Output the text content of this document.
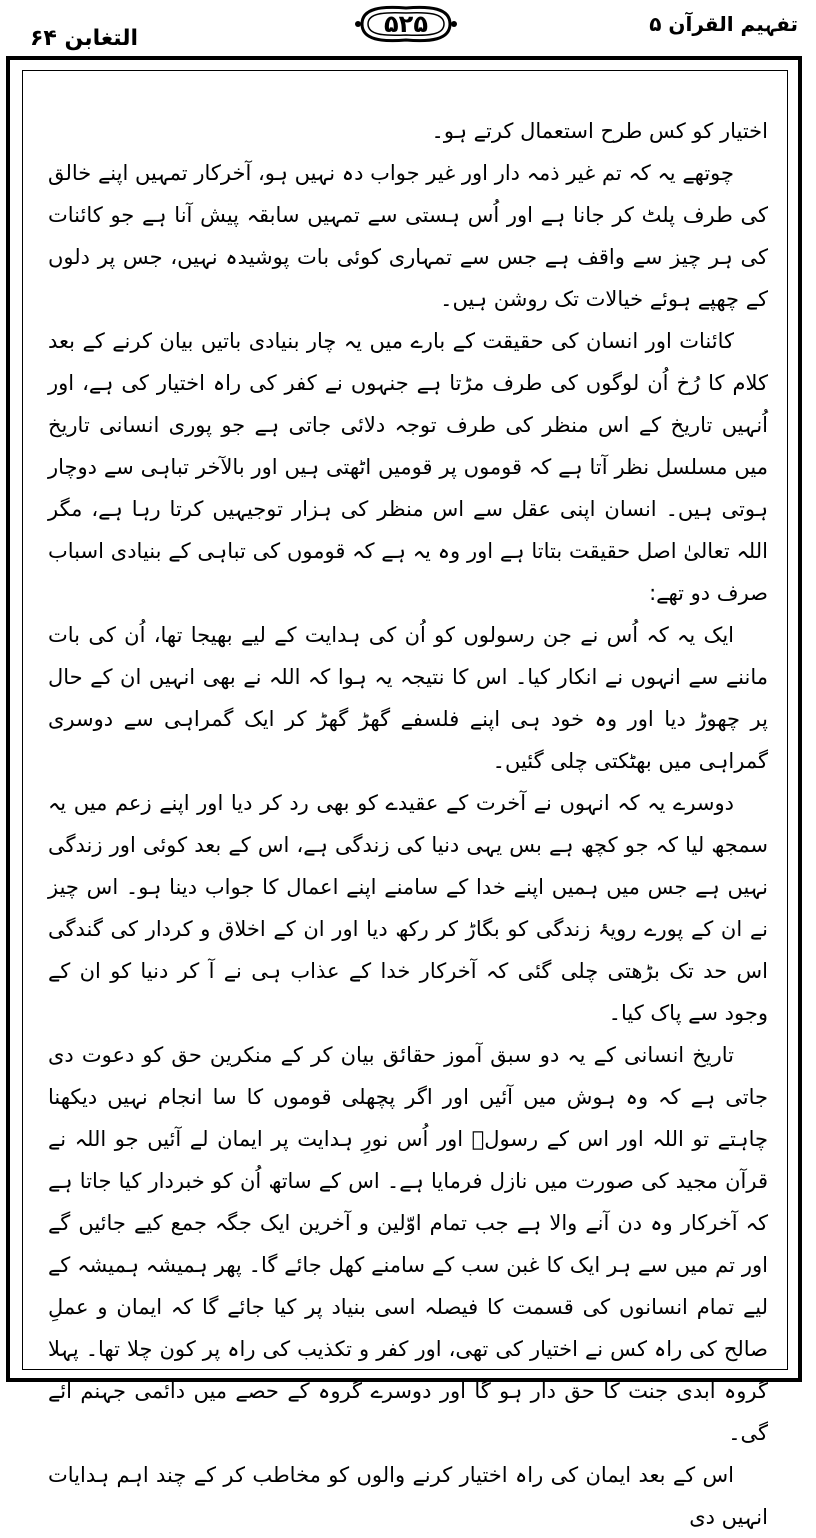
تفہیم القرآن ۵
۵۲۵
التغابن ۶۴

اختیار کو کس طرح استعمال کرتے ہو۔

چوتھے یہ کہ تم غیر ذمہ دار اور غیر جواب دہ نہیں ہو، آخرکار تمہیں اپنے خالق کی طرف پلٹ کر جانا ہے اور اُس ہستی سے تمہیں سابقہ پیش آنا ہے جو کائنات کی ہر چیز سے واقف ہے جس سے تمہاری کوئی بات پوشیدہ نہیں، جس پر دلوں کے چھپے ہوئے خیالات تک روشن ہیں۔

کائنات اور انسان کی حقیقت کے بارے میں یہ چار بنیادی باتیں بیان کرنے کے بعد کلام کا رُخ اُن لوگوں کی طرف مڑتا ہے جنہوں نے کفر کی راہ اختیار کی ہے، اور اُنہیں تاریخ کے اس منظر کی طرف توجہ دلائی جاتی ہے جو پوری انسانی تاریخ میں مسلسل نظر آتا ہے کہ قوموں پر قومیں اٹھتی ہیں اور بالآخر تباہی سے دوچار ہوتی ہیں۔ انسان اپنی عقل سے اس منظر کی ہزار توجیہیں کرتا رہا ہے، مگر اللہ تعالیٰ اصل حقیقت بتاتا ہے اور وہ یہ ہے کہ قوموں کی تباہی کے بنیادی اسباب صرف دو تھے:

ایک یہ کہ اُس نے جن رسولوں کو اُن کی ہدایت کے لیے بھیجا تھا، اُن کی بات ماننے سے انہوں نے انکار کیا۔ اس کا نتیجہ یہ ہوا کہ اللہ نے بھی انہیں ان کے حال پر چھوڑ دیا اور وہ خود ہی اپنے فلسفے گھڑ گھڑ کر ایک گمراہی سے دوسری گمراہی میں بھٹکتی چلی گئیں۔

دوسرے یہ کہ انہوں نے آخرت کے عقیدے کو بھی رد کر دیا اور اپنے زعم میں یہ سمجھ لیا کہ جو کچھ ہے بس یہی دنیا کی زندگی ہے، اس کے بعد کوئی اور زندگی نہیں ہے جس میں ہمیں اپنے خدا کے سامنے اپنے اعمال کا جواب دینا ہو۔ اس چیز نے ان کے پورے رویۂ زندگی کو بگاڑ کر رکھ دیا اور ان کے اخلاق و کردار کی گندگی اس حد تک بڑھتی چلی گئی کہ آخرکار خدا کے عذاب ہی نے آ کر دنیا کو ان کے وجود سے پاک کیا۔

تاریخ انسانی کے یہ دو سبق آموز حقائق بیان کر کے منکرین حق کو دعوت دی جاتی ہے کہ وہ ہوش میں آئیں اور اگر پچھلی قوموں کا سا انجام نہیں دیکھنا چاہتے تو اللہ اور اس کے رسولؐ اور اُس نورِ ہدایت پر ایمان لے آئیں جو اللہ نے قرآن مجید کی صورت میں نازل فرمایا ہے۔ اس کے ساتھ اُن کو خبردار کیا جاتا ہے کہ آخرکار وہ دن آنے والا ہے جب تمام اوّلین و آخرین ایک جگہ جمع کیے جائیں گے اور تم میں سے ہر ایک کا غبن سب کے سامنے کھل جائے گا۔ پھر ہمیشہ ہمیشہ کے لیے تمام انسانوں کی قسمت کا فیصلہ اسی بنیاد پر کیا جائے گا کہ ایمان و عملِ صالح کی راہ کس نے اختیار کی تھی، اور کفر و تکذیب کی راہ پر کون چلا تھا۔ پہلا گروہ ابدی جنت کا حق دار ہو گا اور دوسرے گروہ کے حصے میں دائمی جہنم آئے گی۔

اس کے بعد ایمان کی راہ اختیار کرنے والوں کو مخاطب کر کے چند اہم ہدایات انہیں دی
